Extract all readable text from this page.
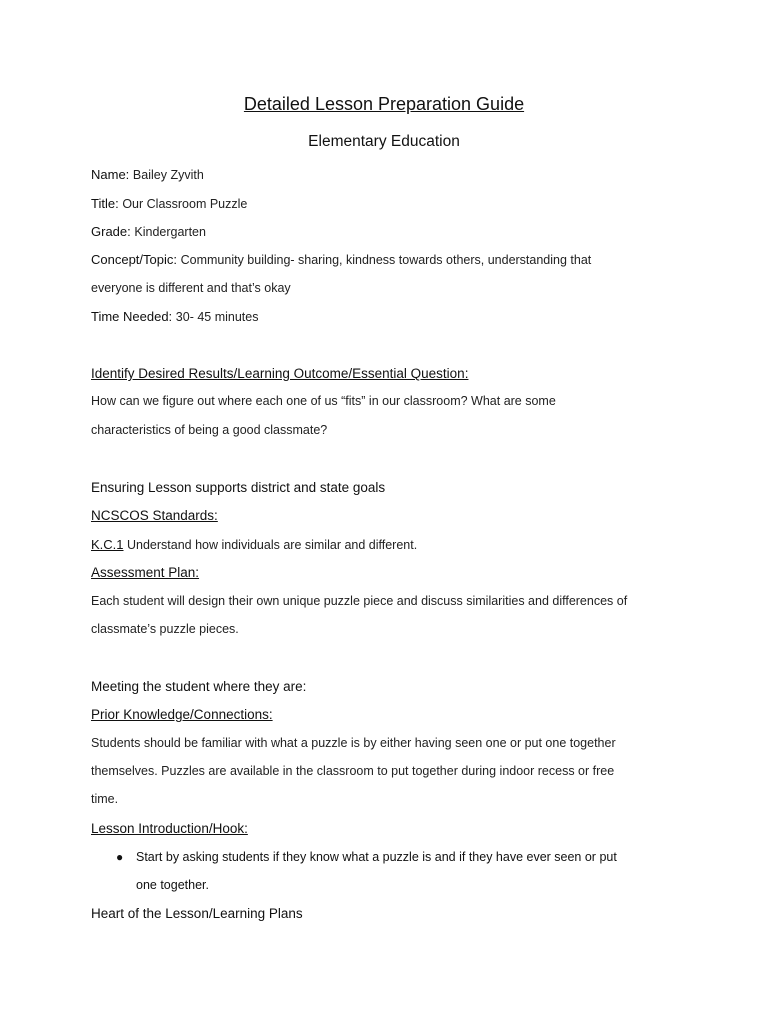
Detailed Lesson Preparation Guide
Elementary Education
Name: Bailey Zyvith
Title: Our Classroom Puzzle
Grade: Kindergarten
Concept/Topic: Community building- sharing, kindness towards others, understanding that
everyone is different and that’s okay
Time Needed: 30- 45 minutes
Identify Desired Results/Learning Outcome/Essential Question:
How can we figure out where each one of us “fits” in our classroom? What are some
characteristics of being a good classmate?
Ensuring Lesson supports district and state goals
NCSCOS Standards:
K.C.1 Understand how individuals are similar and different.
Assessment Plan:
Each student will design their own unique puzzle piece and discuss similarities and differences of
classmate’s puzzle pieces.
Meeting the student where they are:
Prior Knowledge/Connections:
Students should be familiar with what a puzzle is by either having seen one or put one together
themselves. Puzzles are available in the classroom to put together during indoor recess or free
time.
Lesson Introduction/Hook:
● Start by asking students if they know what a puzzle is and if they have ever seen or put
one together.
Heart of the Lesson/Learning Plans
